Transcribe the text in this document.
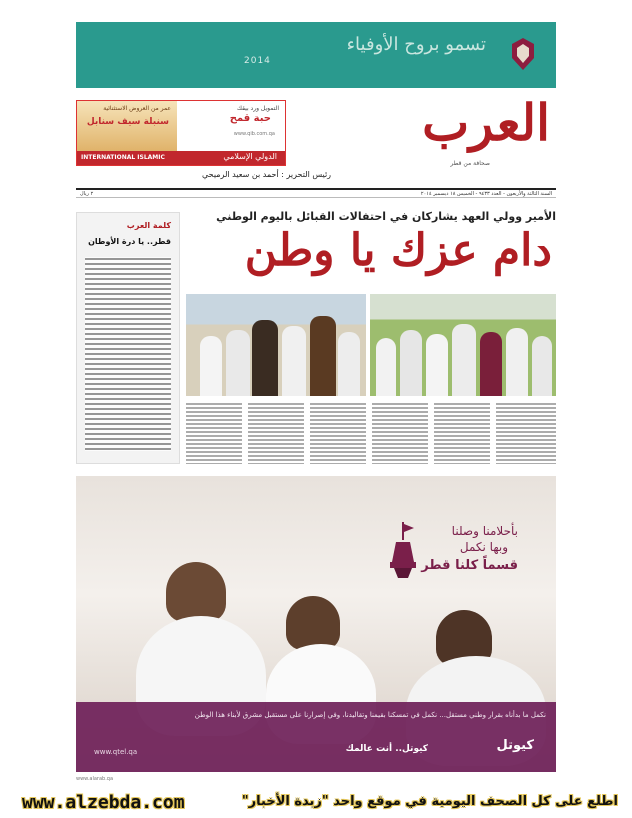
تسمو بروح الأوفياء
2014
عمر من العروض الاستثنائية
سنبلة سيف سنابل
التمويل ورد بيقك
حبة قمح
www.qib.com.qa
INTERNATIONAL ISLAMIC	الدولي الإسلامي
العرب
صحافة من قطر
رئيس التحرير : أحمد بن سعيد الرميحي
السنة الثالثة والأربعون - العدد ٩٤٣٣ - الخميس ١٨ ديسمبر ٢٠١٤
٢ ريال
كلمة العرب
قطر.. يا درة الأوطان
الأمير وولي العهد يشاركان في احتفالات القبائل باليوم الوطني
دام عزك يا وطن
بأحلامنا وصلنا
وبها نكمل
قسماً كلنا قطر
نكمل ما بدأناه بقرار وطني مستقل... نكمل في تمسكنا بقيمنا وتقاليدنا، وفي إصرارنا على مستقبل مشرق لأبناء هذا الوطن
كيوتل.. أنت عالمك	كيوتل
www.qtel.qa
www.alarab.qa
www.alzebda.com	اطلع على كل الصحف اليومية في موقع واحد "زبدة الأخبار"
